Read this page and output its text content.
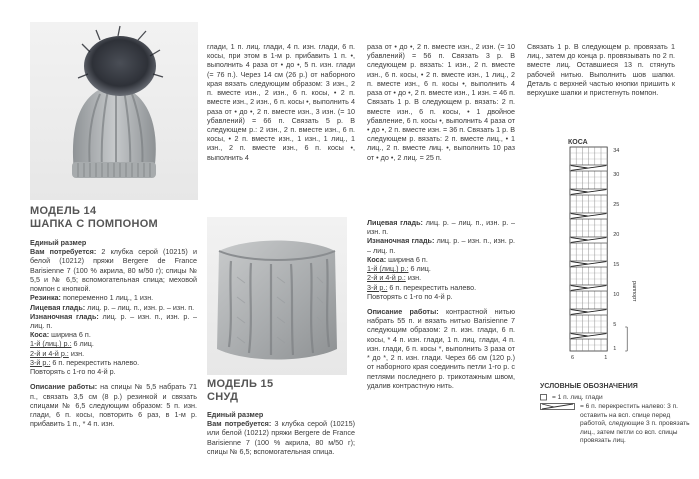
МОДЕЛЬ 14
ШАПКА С ПОМПОНОМ

Единый размер

Вам потребуется: 2 клубка серой (10215) и белой (10212) пряжи Bergere de France Barisienne 7 (100 % акрила, 80 м/50 г); спицы № 5,5 и № 6,5; вспомогательная спица; меховой помпон с кнопкой.

Резинка: попеременно 1 лиц., 1 изн.

Лицевая гладь: лиц. р. – лиц. п., изн. р. – изн. п.

Изнаночная гладь: лиц. р. – изн. п., изн. р. – лиц. п.

Коса: ширина 6 п.

1-й (лиц.) р.: 6 лиц.

2-й и 4-й р.: изн.

3-й р.: 6 п. перекрестить налево.

Повторять с 1-го по 4-й р.

Описание работы: на спицы № 5,5 набрать 71 п., связать 3,5 см (8 р.) резинкой и связать спицами № 6,5 следующим образом: 5 п. изн. глади, 6 п. косы, повторить 6 раз, в 1-м р. прибавить 1 п., * 4 п. изн.

глади, 1 п. лиц. глади, 4 п. изн. глади, 6 п. косы, при этом в 1-м р. прибавить 1 п. •, выполнить 4 раза от • до •, 5 п. изн. глади (= 76 п.). Через 14 см (26 р.) от наборного края вязать следующим образом: 3 изн., 2 п. вместе изн., 2 изн., 6 п. косы, • 2 п. вместе изн., 2 изн., 6 п. косы •, выполнить 4 раза от • до •, 2 п. вместе изн., 3 изн. (= 10 убавлений) = 66 п. Связать 5 р. В следующем р.: 2 изн., 2 п. вместе изн., 6 п. косы, • 2 п. вместе изн., 1 изн., 1 лиц., 1 изн., 2 п. вместе изн., 6 п. косы •, выполнить 4

раза от • до •, 2 п. вместе изн., 2 изн. (= 10 убавлений) = 56 п. Связать 3 р. В следующем р. вязать: 1 изн., 2 п. вместе изн., 6 п. косы, • 2 п. вместе изн., 1 лиц., 2 п. вместе изн., 6 п. косы •, выполнить 4 раза от • до •, 2 п. вместе изн., 1 изн. = 46 п. Связать 1 р. В следующем р. вязать: 2 п. вместе изн., 6 п. косы, • 1 двойное убавление, 6 п. косы •, выполнить 4 раза от • до •, 2 п. вместе изн. = 36 п. Связать 1 р. В следующем р. вязать: 2 п. вместе лиц., • 1 лиц., 2 п. вместе лиц. •, выполнить 10 раз от • до •, 2 лиц. = 25 п.

Связать 1 р. В следующем р. провязать 1 лиц., затем до конца р. провязывать по 2 п. вместе лиц. Оставшиеся 13 п. стянуть рабочей нитью. Выполнить шов шапки. Деталь с верхней частью кнопки пришить к верхушке шапки и пристегнуть помпон.

МОДЕЛЬ 15
СНУД

Единый размер

Вам потребуется: 3 клубка серой (10215) или белой (10212) пряжи Bergere de France Barisienne 7 (100 % акрила, 80 м/50 г); спицы № 6,5; вспомогательная спица.

Лицевая гладь: лиц. р. – лиц. п., изн. р. – изн. п.

Изнаночная гладь: лиц. р. – изн. п., изн. р. – лиц. п.

Коса: ширина 6 п.

1-й (лиц.) р.: 6 лиц.

2-й и 4-й р.: изн.

3-й р.: 6 п. перекрестить налево.

Повторять с 1-го по 4-й р.

Описание работы: контрастной нитью набрать 55 п. и вязать нитью Barisienne 7 следующим образом: 2 п. изн. глади, 6 п. косы, * 4 п. изн. глади, 1 п. лиц. глади, 4 п. изн. глади, 6 п. косы *, выполнить 3 раза от * до *, 2 п. изн. глади. Через 66 см (120 р.) от наборного края соединить петли 1-го р. с петлями последнего р. трикотажным швом, удалив контрастную нить.

КОСА
34
30
25
20
15
10
5
1
раппорт
6	1
УСЛОВНЫЕ ОБОЗНАЧЕНИЯ
= 1 п. лиц. глади
= 6 п. перекрестить налево: 3 п. оставить на всп. спице перед работой, следующие 3 п. провязать лиц., затем петли со всп. спицы провязать лиц.
